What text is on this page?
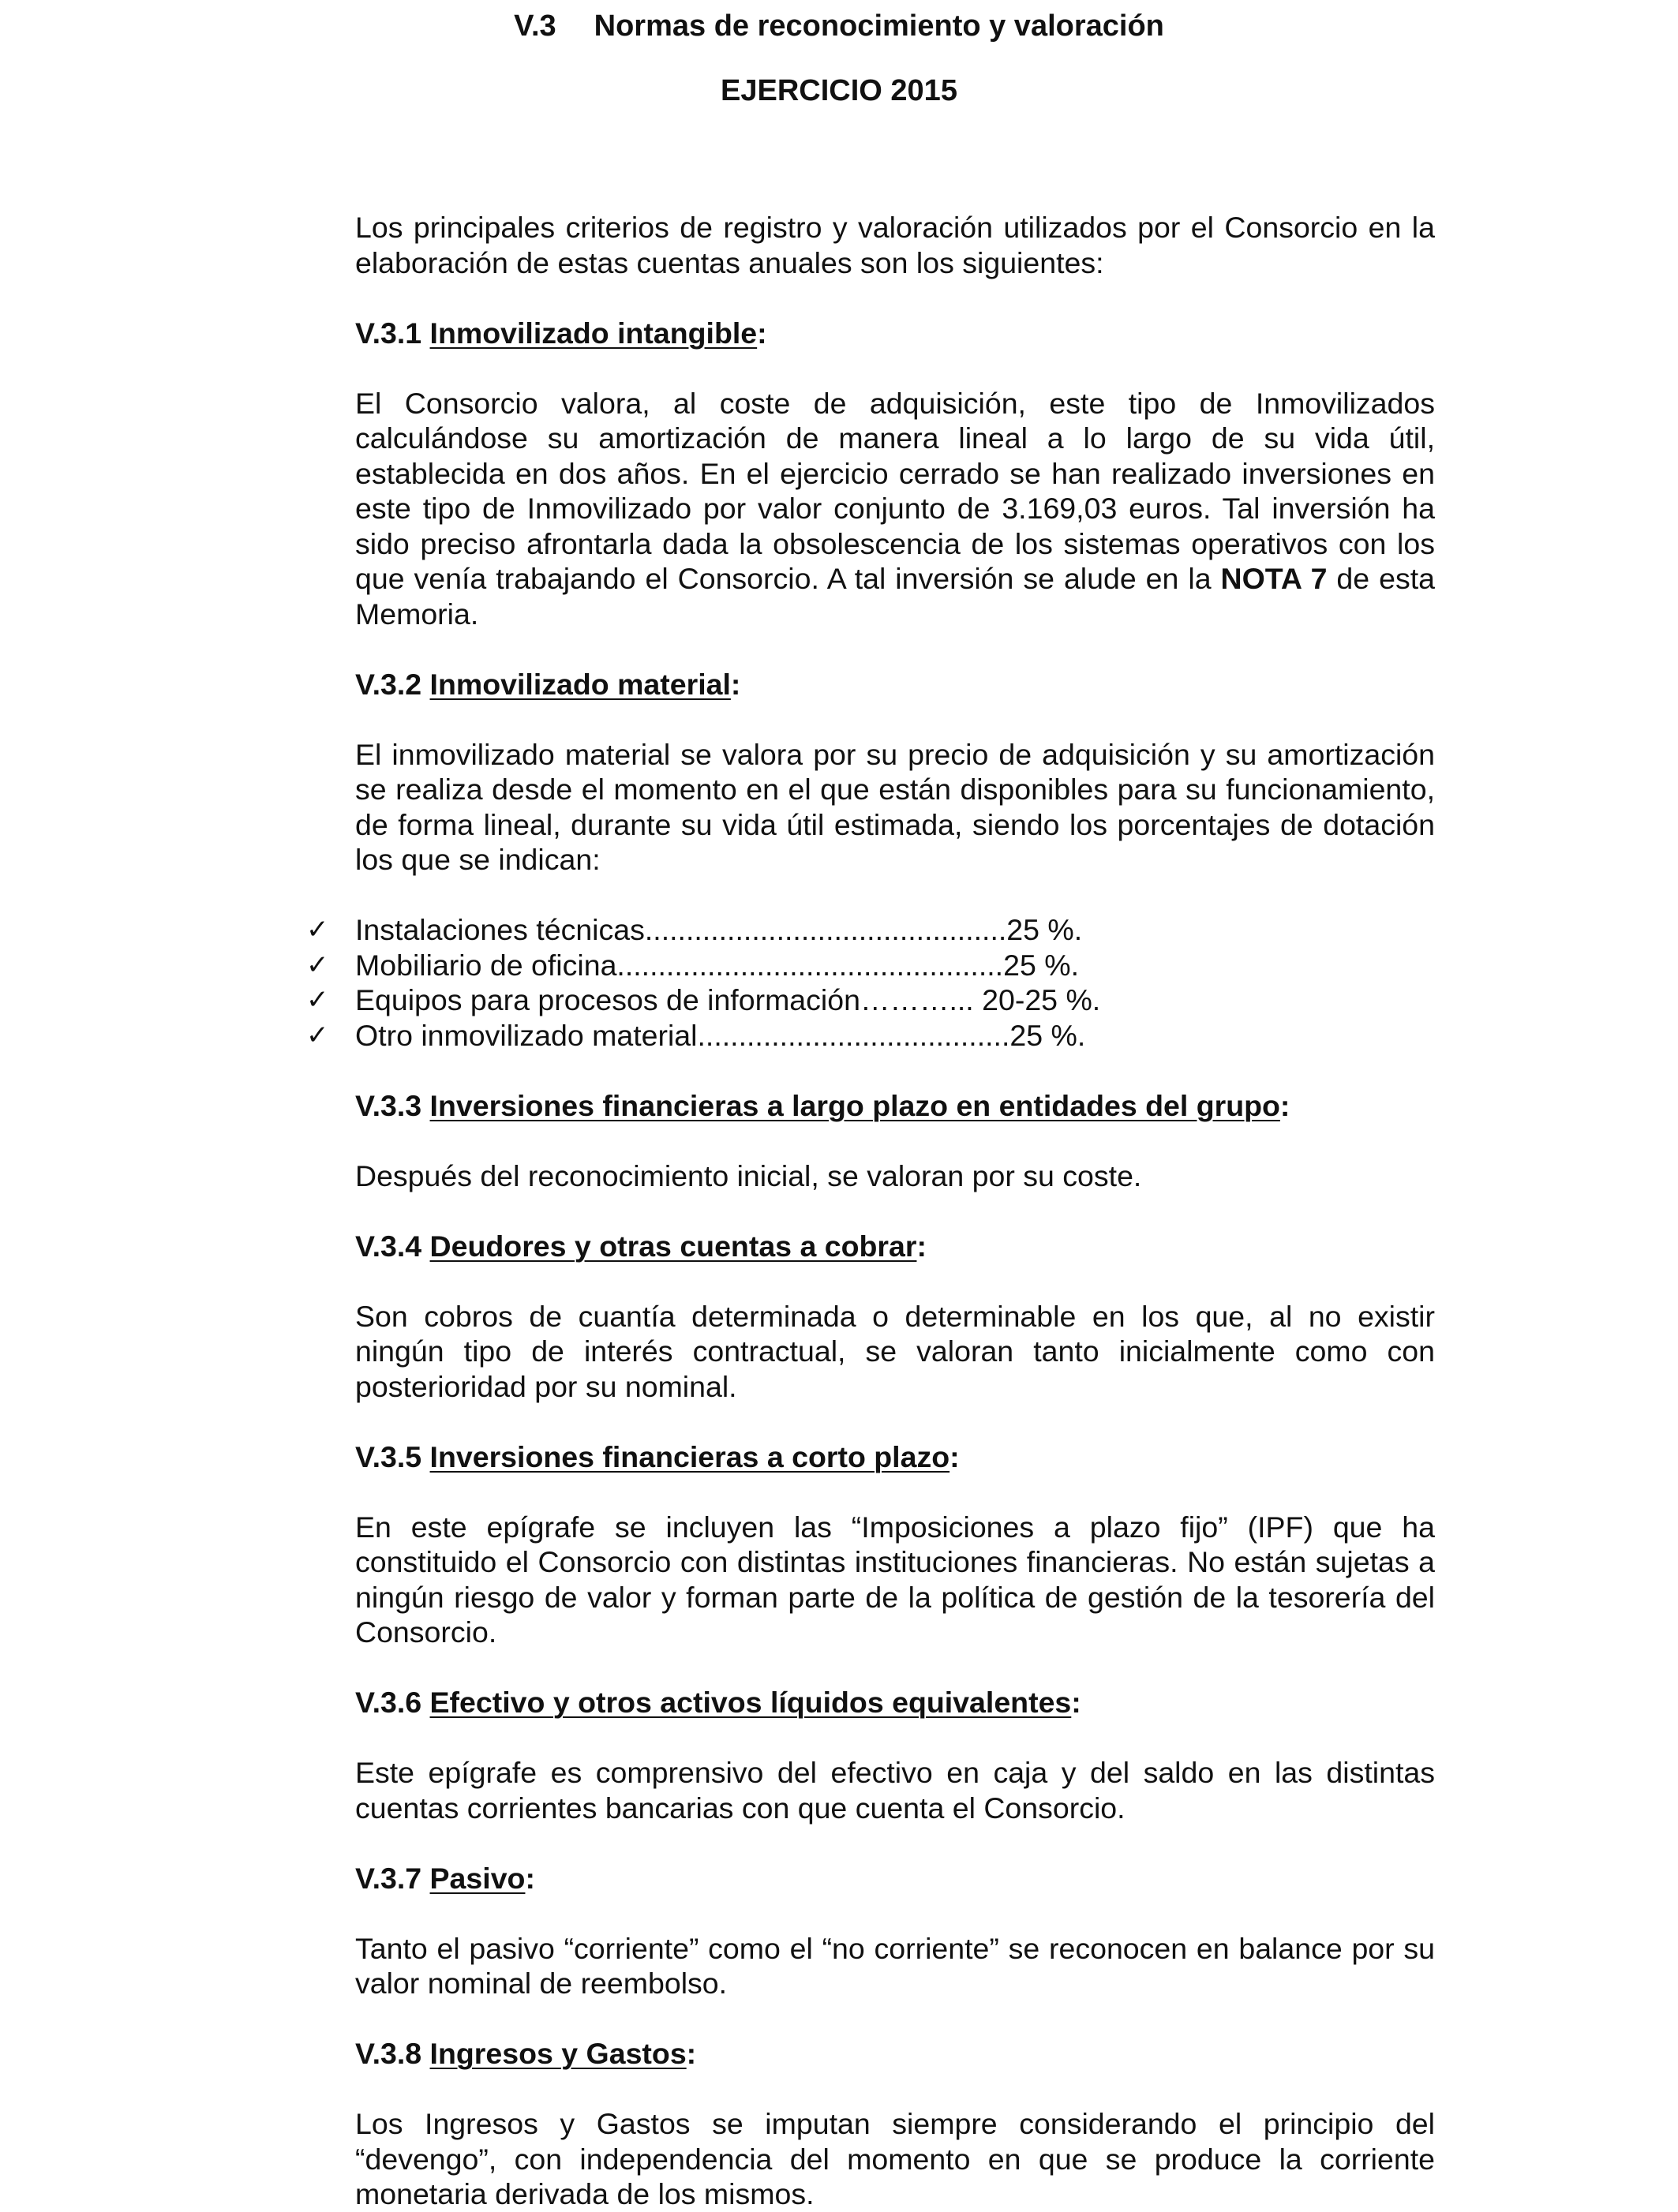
V.3 Normas de reconocimiento y valoración
EJERCICIO 2015

Los principales criterios de registro y valoración utilizados por el Consorcio en la elaboración de estas cuentas anuales son los siguientes:

V.3.1 Inmovilizado intangible:

El Consorcio valora, al coste de adquisición, este tipo de Inmovilizados calculándose su amortización de manera lineal a lo largo de su vida útil, establecida en dos años. En el ejercicio cerrado se han realizado inversiones en este tipo de Inmovilizado por valor conjunto de 3.169,03 euros. Tal inversión ha sido preciso afrontarla dada la obsolescencia de los sistemas operativos con los que venía trabajando el Consorcio. A tal inversión se alude en la NOTA 7 de esta Memoria.

V.3.2 Inmovilizado material:

El inmovilizado material se valora por su precio de adquisición y su amortización se realiza desde el momento en el que están disponibles para su funcionamiento, de forma lineal, durante su vida útil estimada, siendo los porcentajes de dotación los que se indican:

✓ Instalaciones técnicas............................................25 %.
✓ Mobiliario de oficina...............................................25 %.
✓ Equipos para procesos de información………... 20-25 %.
✓ Otro inmovilizado material......................................25 %.

V.3.3 Inversiones financieras a largo plazo en entidades del grupo:

Después del reconocimiento inicial, se valoran por su coste.

V.3.4 Deudores y otras cuentas a cobrar:

Son cobros de cuantía determinada o determinable en los que, al no existir ningún tipo de interés contractual, se valoran tanto inicialmente como con posterioridad por su nominal.

V.3.5 Inversiones financieras a corto plazo:

En este epígrafe se incluyen las “Imposiciones a plazo fijo” (IPF) que ha constituido el Consorcio con distintas instituciones financieras. No están sujetas a ningún riesgo de valor y forman parte de la política de gestión de la tesorería del Consorcio.

V.3.6 Efectivo y otros activos líquidos equivalentes:

Este epígrafe es comprensivo del efectivo en caja y del saldo en las distintas cuentas corrientes bancarias con que cuenta el Consorcio.

V.3.7 Pasivo:

Tanto el pasivo “corriente” como el “no corriente” se reconocen en balance por su valor nominal de reembolso.

V.3.8 Ingresos y Gastos:

Los Ingresos y Gastos se imputan siempre considerando el principio del “devengo”, con independencia del momento en que se produce la corriente monetaria derivada de los mismos.
